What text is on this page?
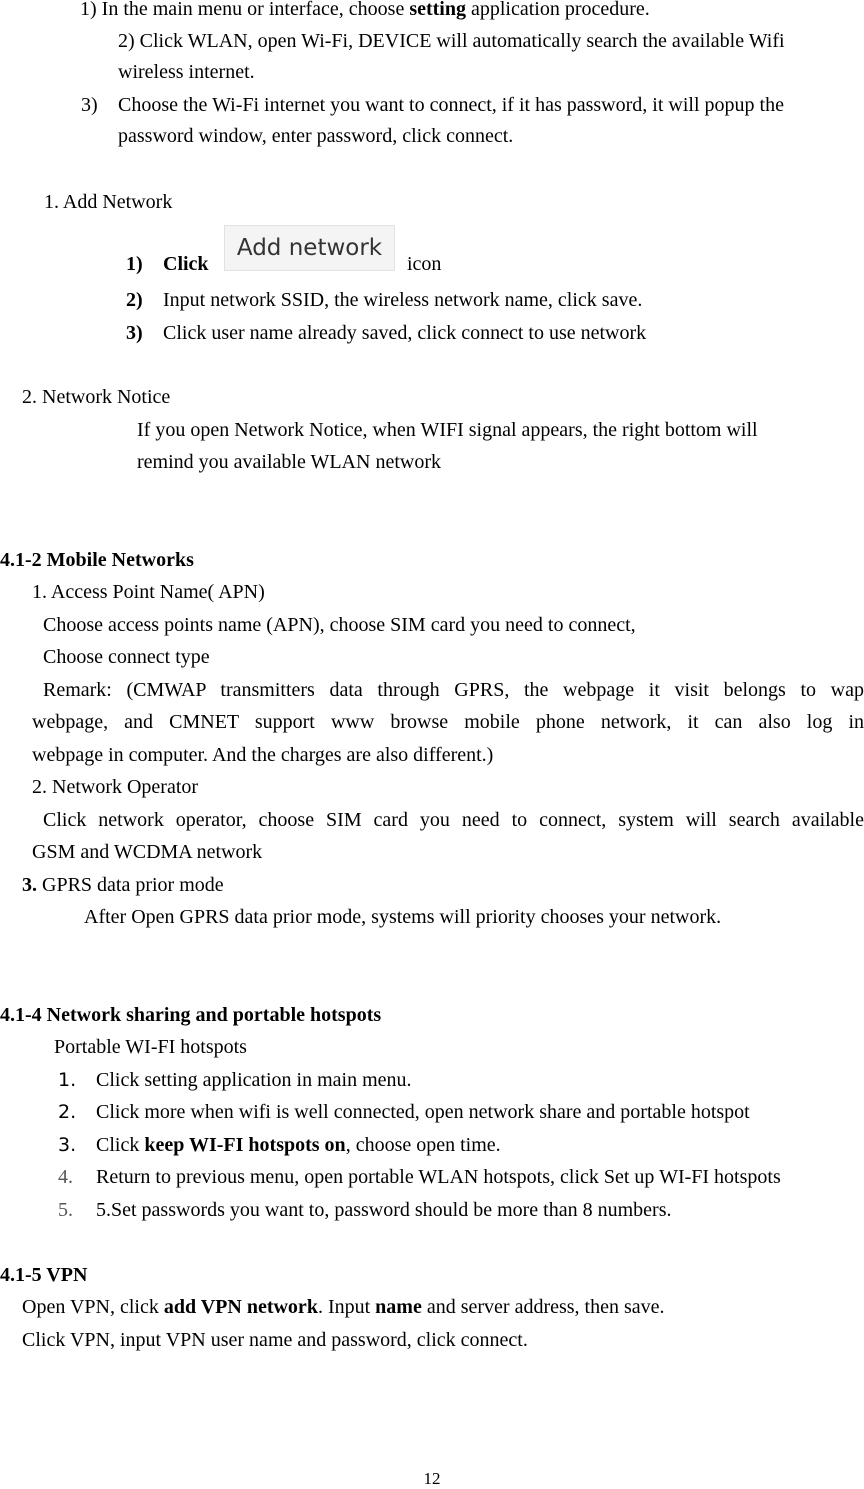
1) In the main menu or interface, choose setting application procedure.
2) Click WLAN, open Wi-Fi, DEVICE will automatically search the available Wifi
wireless internet.
3) Choose the Wi-Fi internet you want to connect, if it has password, it will popup the
password window, enter password, click connect.
1. Add Network
1) Click
Add network
icon
2) Input network SSID, the wireless network name, click save.
3) Click user name already saved, click connect to use network
2. Network Notice
If you open Network Notice, when WIFI signal appears, the right bottom will
remind you available WLAN network
4.1-2 Mobile Networks
1. Access Point Name( APN)
Choose access points name (APN), choose SIM card you need to connect,
Choose connect type
Remark: (CMWAP transmitters data through GPRS, the webpage it visit belongs to wap
webpage, and CMNET support www browse mobile phone network, it can also log in
webpage in computer. And the charges are also different.)
2. Network Operator
Click network operator, choose SIM card you need to connect, system will search available
GSM and WCDMA network
3. GPRS data prior mode
After Open GPRS data prior mode, systems will priority chooses your network.
4.1-4 Network sharing and portable hotspots
Portable WI-FI hotspots
1. Click setting application in main menu.
2. Click more when wifi is well connected, open network share and portable hotspot
3. Click keep WI-FI hotspots on, choose open time.
4. Return to previous menu, open portable WLAN hotspots, click Set up WI-FI hotspots
5. 5.Set passwords you want to, password should be more than 8 numbers.
4.1-5 VPN
Open VPN, click add VPN network. Input name and server address, then save.
Click VPN, input VPN user name and password, click connect.
12
